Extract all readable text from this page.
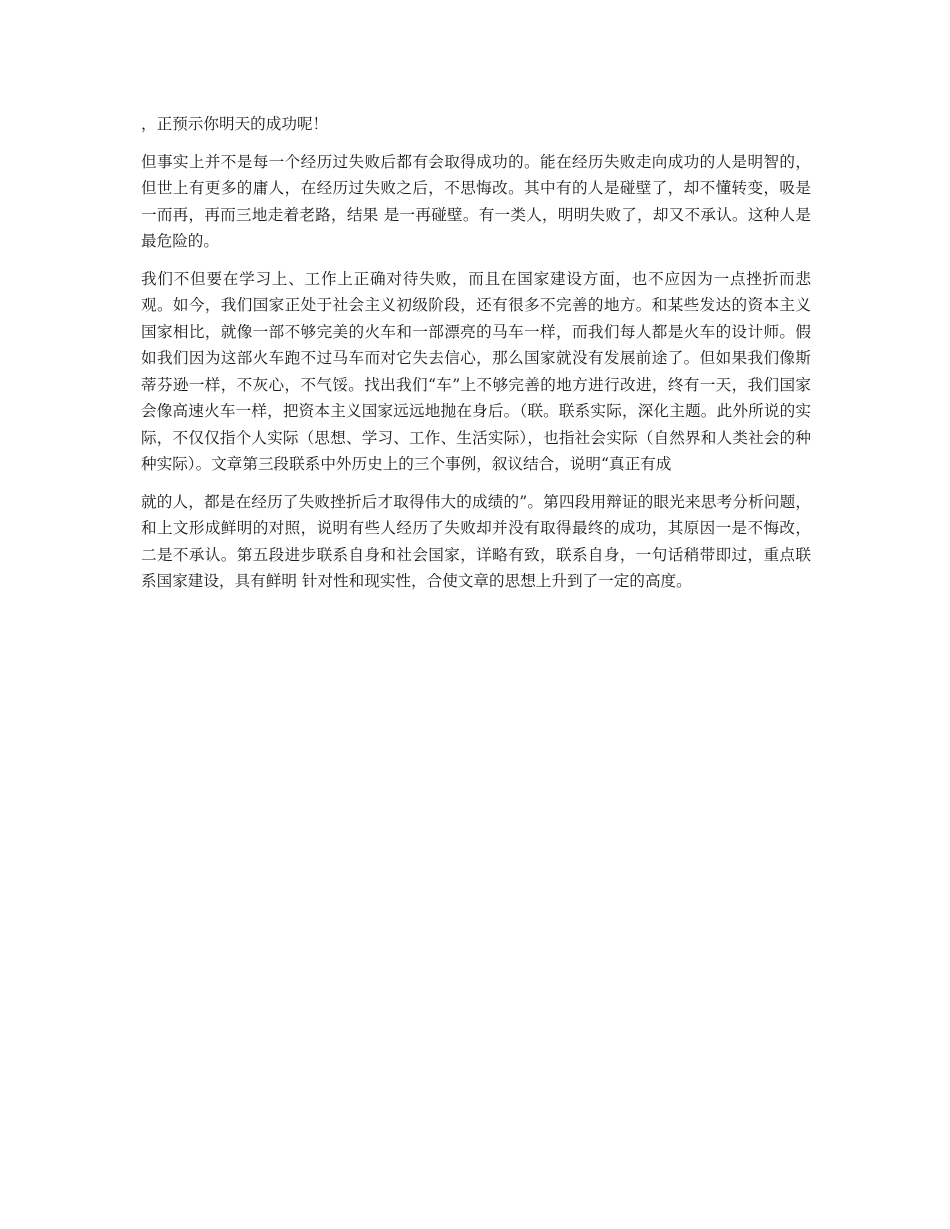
，正预示你明天的成功呢！

但事实上并不是每一个经历过失败后都有会取得成功的。能在经历失败走向成功的人是明智的，但世上有更多的庸人，在经历过失败之后，不思悔改。其中有的人是碰壁了，却不懂转变，吸是一而再，再而三地走着老路，结果 是一再碰壁。有一类人，明明失败了，却又不承认。这种人是最危险的。

我们不但要在学习上、工作上正确对待失败，而且在国家建设方面，也不应因为一点挫折而悲观。如今，我们国家正处于社会主义初级阶段，还有很多不完善的地方。和某些发达的资本主义国家相比，就像一部不够完美的火车和一部漂亮的马车一样，而我们每人都是火车的设计师。假如我们因为这部火车跑不过马车而对它失去信心，那么国家就没有发展前途了。但如果我们像斯蒂芬逊一样，不灰心，不气馁。找出我们“车”上不够完善的地方进行改进，终有一天，我们国家会像高速火车一样，把资本主义国家远远地抛在身后。（联。联系实际，深化主题。此外所说的实际，不仅仅指个人实际（思想、学习、工作、生活实际），也指社会实际（自然界和人类社会的种种实际）。文章第三段联系中外历史上的三个事例，叙议结合，说明“真正有成

就的人，都是在经历了失败挫折后才取得伟大的成绩的”。第四段用辩证的眼光来思考分析问题，和上文形成鲜明的对照，说明有些人经历了失败却并没有取得最终的成功，其原因一是不悔改，二是不承认。第五段进步联系自身和社会国家，详略有致，联系自身，一句话稍带即过，重点联系国家建设，具有鲜明 针对性和现实性，合使文章的思想上升到了一定的高度。
